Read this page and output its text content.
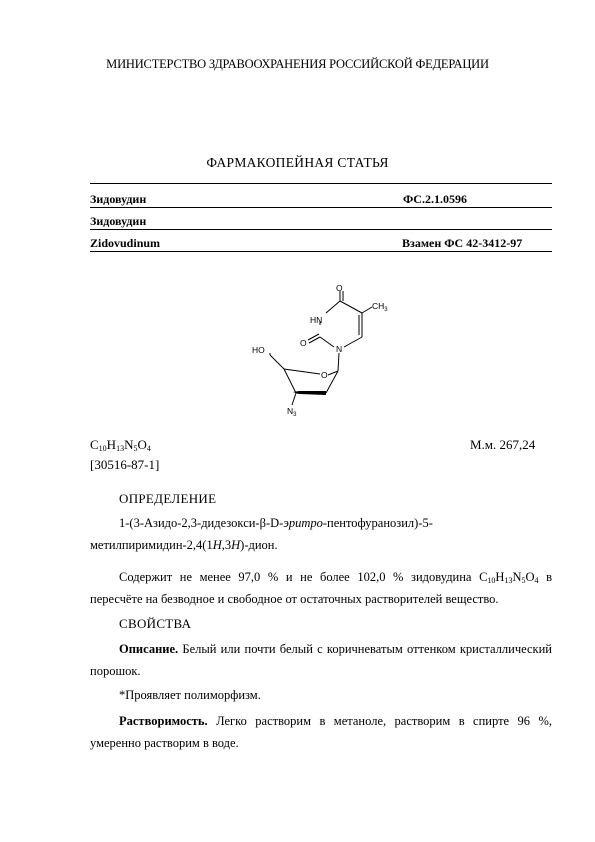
МИНИСТЕРСТВО ЗДРАВООХРАНЕНИЯ РОССИЙСКОЙ ФЕДЕРАЦИИ
ФАРМАКОПЕЙНАЯ СТАТЬЯ
Зидовудин	ФС.2.1.0596
Зидовудин
Zidovudinum	Взамен ФС 42-3412-97
O
HN
$CH_3$
O
N
HO
O
$N_3$
$C_{10}H_{13}N_5O_4$
[30516-87-1]
М.м. 267,24
ОПРЕДЕЛЕНИЕ

1-(3-Азидо-2,3-дидезокси-β-D-эритро-пентофуранозил)-5-метилпиримидин-2,4(1H,3H)-дион.

Содержит не менее 97,0 % и не более 102,0 % зидовудина $C_{10}H_{13}N_5O_4$ в пересчёте на безводное и свободное от остаточных растворителей вещество.

СВОЙСТВА

Описание. Белый или почти белый с коричневатым оттенком кристаллический порошок.

*Проявляет полиморфизм.

Растворимость. Легко растворим в метаноле, растворим в спирте 96 %, умеренно растворим в воде.
